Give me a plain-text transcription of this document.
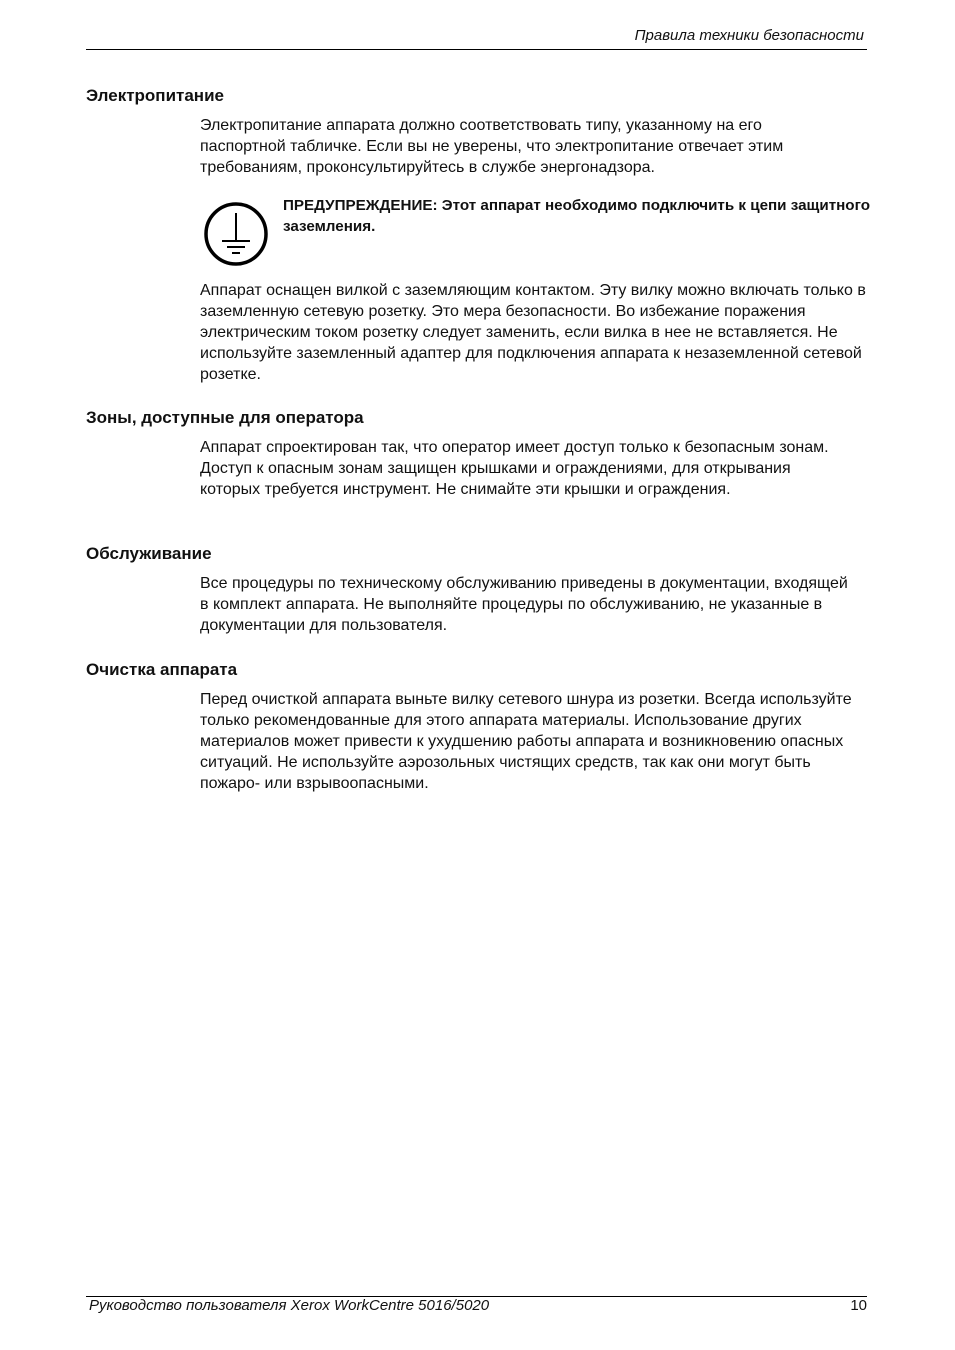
Правила техники безопасности
Электропитание
Электропитание аппарата должно соответствовать типу, указанному на его паспортной табличке. Если вы не уверены, что электропитание отвечает этим требованиям, проконсультируйтесь в службе энергонадзора.
ПРЕДУПРЕЖДЕНИЕ: Этот аппарат необходимо подключить к цепи защитного заземления.
Аппарат оснащен вилкой с заземляющим контактом. Эту вилку можно включать только в заземленную сетевую розетку. Это мера безопасности. Во избежание поражения электрическим током розетку следует заменить, если вилка в нее не вставляется. Не используйте заземленный адаптер для подключения аппарата к незаземленной сетевой розетке.
Зоны, доступные для оператора
Аппарат спроектирован так, что оператор имеет доступ только к безопасным зонам. Доступ к опасным зонам защищен крышками и ограждениями, для открывания которых требуется инструмент. Не снимайте эти крышки и ограждения.
Обслуживание
Все процедуры по техническому обслуживанию приведены в документации, входящей в комплект аппарата. Не выполняйте процедуры по обслуживанию, не указанные в документации для пользователя.
Очистка аппарата
Перед очисткой аппарата выньте вилку сетевого шнура из розетки. Всегда используйте только рекомендованные для этого аппарата материалы. Использование других материалов может привести к ухудшению работы аппарата и возникновению опасных ситуаций. Не используйте аэрозольных чистящих средств, так как они могут быть пожаро- или взрывоопасными.
Руководство пользователя Xerox WorkCentre 5016/5020	10
